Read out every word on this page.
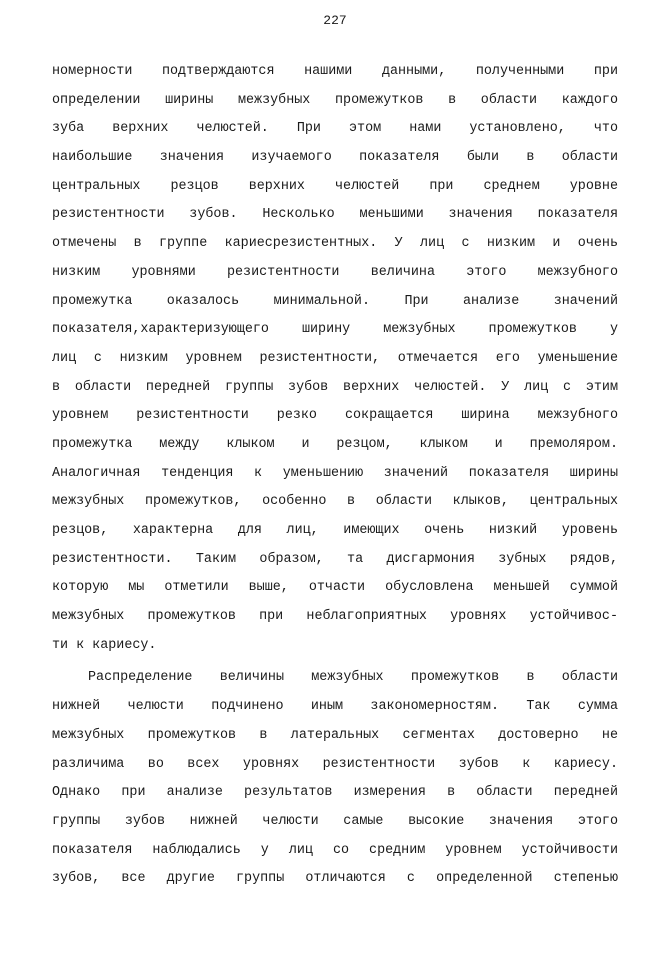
227
номерности подтверждаются нашими данными, полученными при
определении ширины межзубных промежутков в области каждого
зуба верхних челюстей. При этом нами установлено, что
наибольшие значения изучаемого показателя были в области
центральных резцов верхних челюстей при среднем уровне
резистентности зубов. Несколько меньшими значения показателя
отмечены в группе кариесрезистентных. У лиц с низким и очень
низким уровнями резистентности величина этого межзубного
промежутка оказалось минимальной. При анализе значений
показателя,характеризующего ширину межзубных промежутков у
лиц с низким уровнем резистентности, отмечается его уменьшение
в области передней группы зубов верхних челюстей. У лиц с этим
уровнем резистентности резко сокращается ширина межзубного
промежутка между клыком и резцом, клыком и премоляром.
Аналогичная тенденция к уменьшению значений показателя ширины
межзубных промежутков, особенно в области клыков, центральных
резцов, характерна для лиц, имеющих очень низкий уровень
резистентности. Таким образом, та дисгармония зубных рядов,
которую мы отметили выше, отчасти обусловлена меньшей суммой
межзубных промежутков при неблагоприятных уровнях устойчивос-
ти к кариесу.
Распределение величины межзубных промежутков в области
нижней челюсти подчинено иным закономерностям. Так сумма
межзубных промежутков в латеральных сегментах достоверно не
различима во всех уровнях резистентности зубов к кариесу.
Однако при анализе результатов измерения в области передней
группы зубов нижней челюсти самые высокие значения этого
показателя наблюдались у лиц со средним уровнем устойчивости
зубов, все другие группы отличаются с определенной степенью
